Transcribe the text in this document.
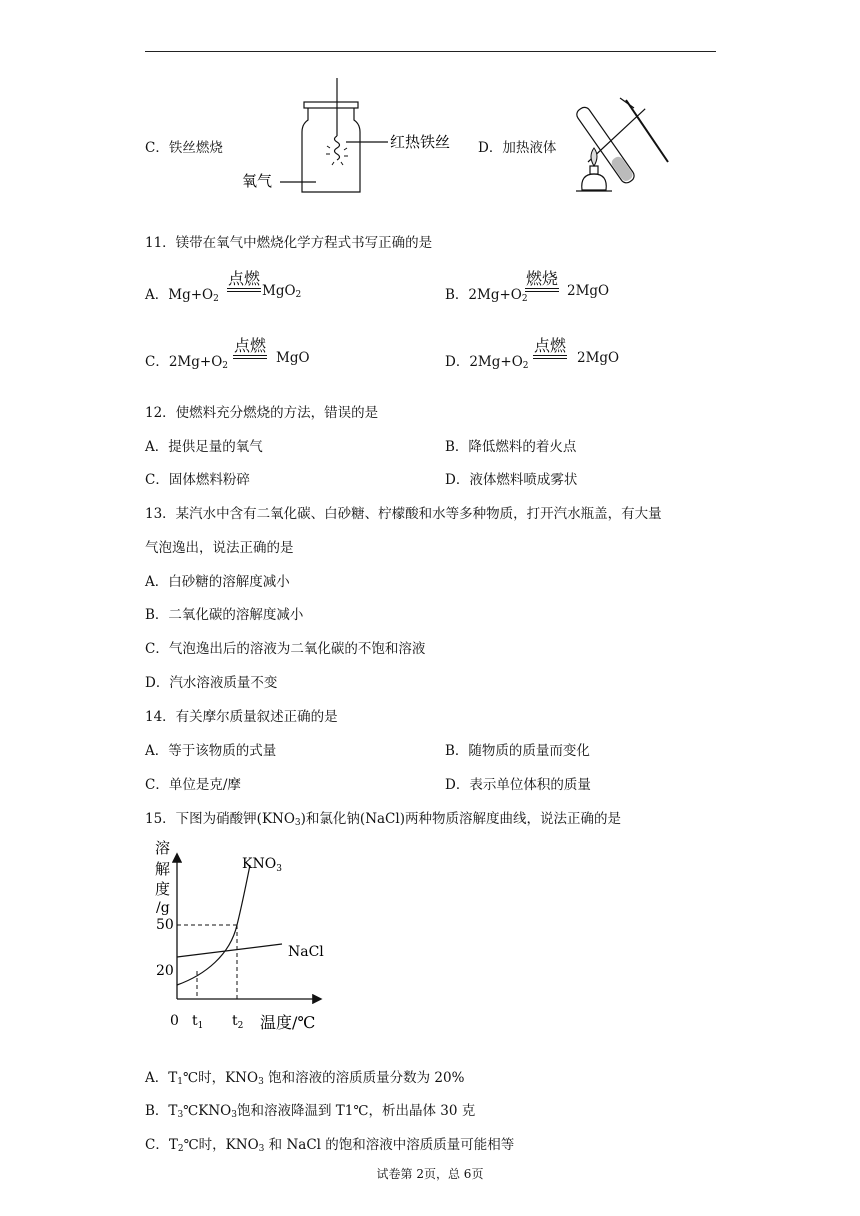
C．铁丝燃烧	红热铁丝
氧气
D．加热液体
11．镁带在氧气中燃烧化学方程式书写正确的是
A．$Mg+O_2$
点燃
MgO$_2$	B．$2Mg+O_2$
燃烧
2MgO
C．$2Mg+O_2$
点燃
MgO	D．$2Mg+O_2$
点燃
2MgO
12．使燃料充分燃烧的方法，错误的是
A．提供足量的氧气	B．降低燃料的着火点
C．固体燃料粉碎	D．液体燃料喷成雾状
13．某汽水中含有二氧化碳、白砂糖、柠檬酸和水等多种物质，打开汽水瓶盖，有大量
气泡逸出，说法正确的是
A．白砂糖的溶解度减小
B．二氧化碳的溶解度减小
C．气泡逸出后的溶液为二氧化碳的不饱和溶液
D．汽水溶液质量不变
14．有关摩尔质量叙述正确的是
A．等于该物质的式量	B．随物质的质量而变化
C．单位是克/摩	D．表示单位体积的质量
15．下图为硝酸钾$(KNO_3)$和氯化钠(NaCl)两种物质溶解度曲线，说法正确的是
溶
解
度
/g
50
20
0 $t_1$ $t_2$ 温度/℃
$KNO_3$
NaCl
A．$T_1℃$时，$KNO_3$ 饱和溶液的溶质质量分数为 20%
B．$T_3℃KNO_3$饱和溶液降温到 T1℃，析出晶体 30 克
C．$T_2℃$时，$KNO_3$ 和 NaCl 的饱和溶液中溶质质量可能相等
试卷第 2页，总 6页
